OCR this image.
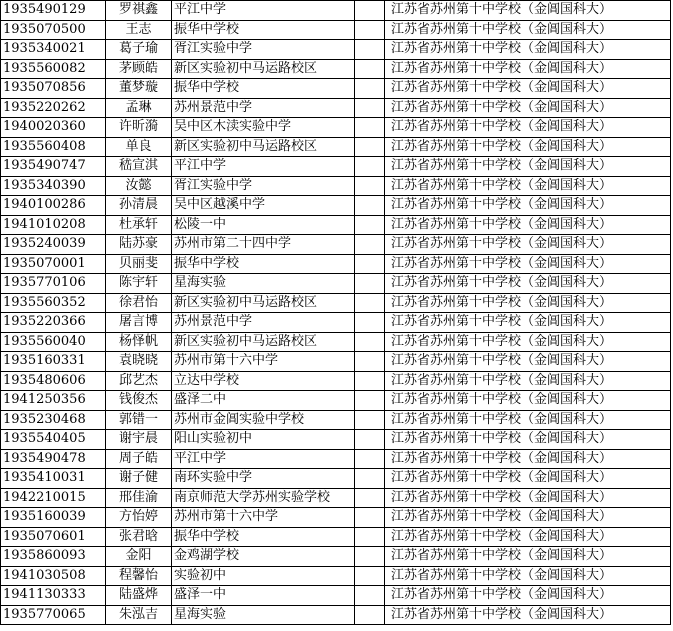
1935490129	罗祺鑫	平江中学		江苏省苏州第十中学校（金阊国科大）
1935070500	王志	振华中学校		江苏省苏州第十中学校（金阊国科大）
1935340021	葛子瑜	胥江实验中学		江苏省苏州第十中学校（金阊国科大）
1935560082	茅顾皓	新区实验初中马运路校区		江苏省苏州第十中学校（金阊国科大）
1935070856	董梦璇	振华中学校		江苏省苏州第十中学校（金阊国科大）
1935220262	孟琳	苏州景范中学		江苏省苏州第十中学校（金阊国科大）
1940020360	许昕漪	吴中区木渎实验中学		江苏省苏州第十中学校（金阊国科大）
1935560408	单良	新区实验初中马运路校区		江苏省苏州第十中学校（金阊国科大）
1935490747	嵇宣淇	平江中学		江苏省苏州第十中学校（金阊国科大）
1935340390	汝懿	胥江实验中学		江苏省苏州第十中学校（金阊国科大）
1940100286	孙清晨	吴中区越溪中学		江苏省苏州第十中学校（金阊国科大）
1941010208	杜承轩	松陵一中		江苏省苏州第十中学校（金阊国科大）
1935240039	陆苏豪	苏州市第二十四中学		江苏省苏州第十中学校（金阊国科大）
1935070001	贝丽斐	振华中学校		江苏省苏州第十中学校（金阊国科大）
1935770106	陈宇轩	星海实验		江苏省苏州第十中学校（金阊国科大）
1935560352	徐君怡	新区实验初中马运路校区		江苏省苏州第十中学校（金阊国科大）
1935220366	屠言博	苏州景范中学		江苏省苏州第十中学校（金阊国科大）
1935560040	杨怿帆	新区实验初中马运路校区		江苏省苏州第十中学校（金阊国科大）
1935160331	袁晓晓	苏州市第十六中学		江苏省苏州第十中学校（金阊国科大）
1935480606	邱艺杰	立达中学校		江苏省苏州第十中学校（金阊国科大）
1941250356	钱俊杰	盛泽二中		江苏省苏州第十中学校（金阊国科大）
1935230468	郭错一	苏州市金阊实验中学校		江苏省苏州第十中学校（金阊国科大）
1935540405	谢宇晨	阳山实验初中		江苏省苏州第十中学校（金阊国科大）
1935490478	周子皓	平江中学		江苏省苏州第十中学校（金阊国科大）
1935410031	谢子健	南环实验中学		江苏省苏州第十中学校（金阊国科大）
1942210015	邢佳渝	南京师范大学苏州实验学校		江苏省苏州第十中学校（金阊国科大）
1935160039	方怡婷	苏州市第十六中学		江苏省苏州第十中学校（金阊国科大）
1935070601	张君晗	振华中学校		江苏省苏州第十中学校（金阊国科大）
1935860093	金阳	金鸡湖学校		江苏省苏州第十中学校（金阊国科大）
1941030508	程馨怡	实验初中		江苏省苏州第十中学校（金阊国科大）
1941130333	陆盛烨	盛泽一中		江苏省苏州第十中学校（金阊国科大）
1935770065	朱泓吉	星海实验		江苏省苏州第十中学校（金阊国科大）
